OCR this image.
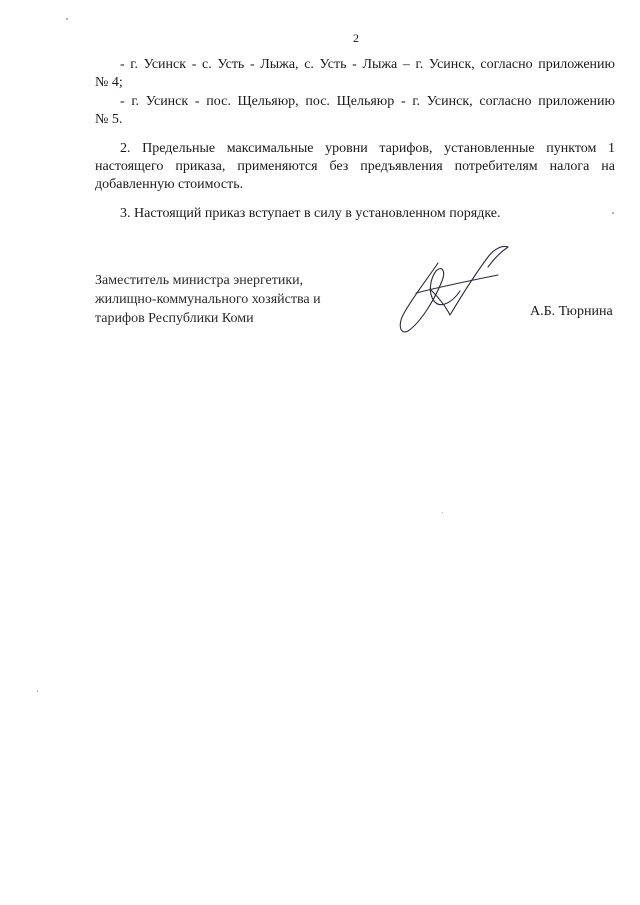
2

- г. Усинск - с. Усть - Лыжа, с. Усть - Лыжа – г. Усинск, согласно приложению

№ 4;

- г. Усинск - пос. Щельяюр, пос. Щельяюр - г. Усинск, согласно приложению

№ 5.

2. Предельные максимальные уровни тарифов, установленные пунктом 1

настоящего приказа, применяются без предъявления потребителям налога на

добавленную стоимость.

3. Настоящий приказ вступает в силу в установленном порядке.

Заместитель министра энергетики,
жилищно-коммунального хозяйства и
тарифов Республики Коми	А.Б. Тюрнина
